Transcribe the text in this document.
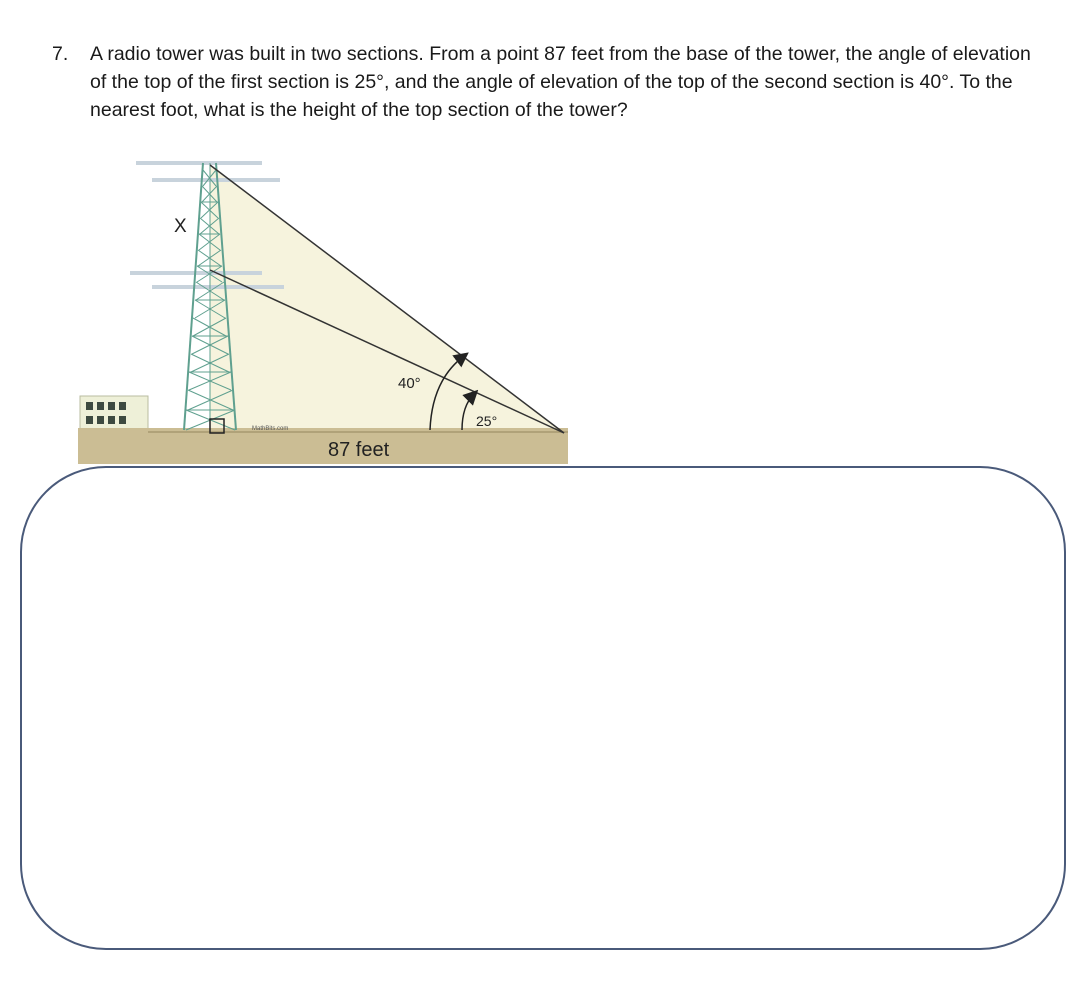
7. A radio tower was built in two sections. From a point 87 feet from the base of the tower, the angle of elevation of the top of the first section is 25°, and the angle of elevation of the top of the second section is 40°. To the nearest foot, what is the height of the top section of the tower?
X
40°
25°
87 feet
MathBits.com
